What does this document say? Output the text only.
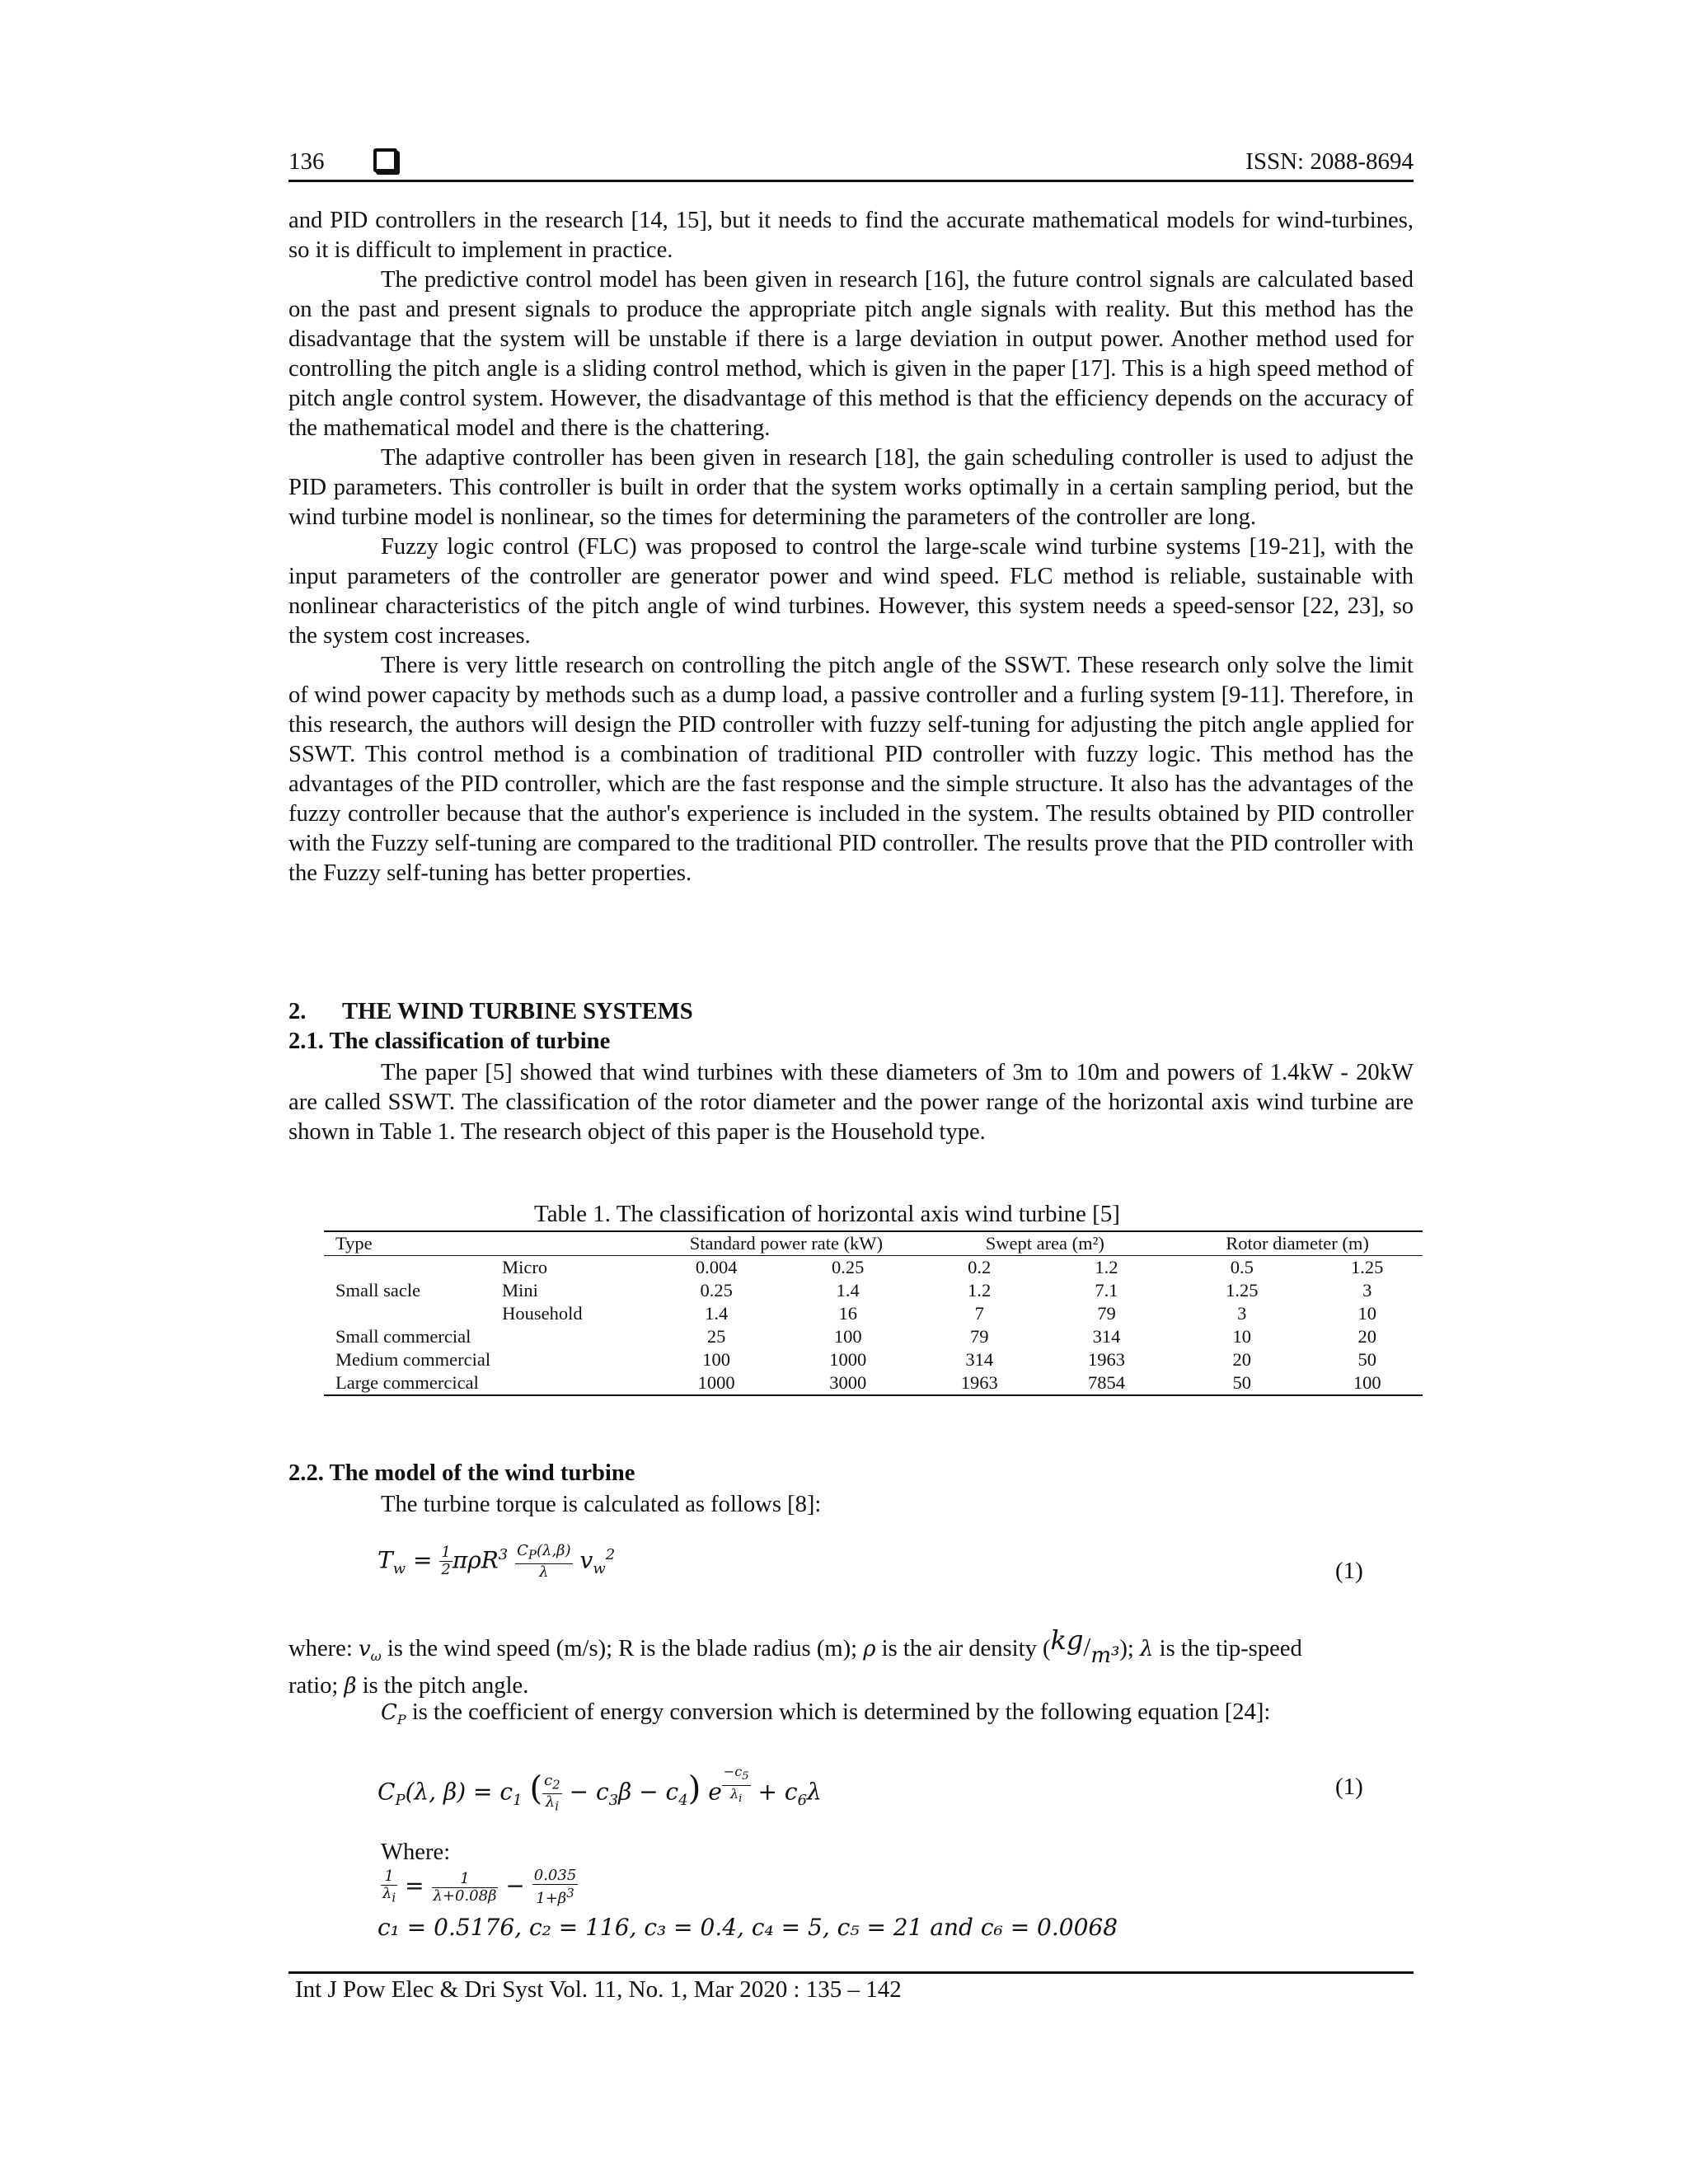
136	ISSN: 2088-8694

and PID controllers in the research [14, 15], but it needs to find the accurate mathematical models for wind-turbines, so it is difficult to implement in practice.

The predictive control model has been given in research [16], the future control signals are calculated based on the past and present signals to produce the appropriate pitch angle signals with reality. But this method has the disadvantage that the system will be unstable if there is a large deviation in output power. Another method used for controlling the pitch angle is a sliding control method, which is given in the paper [17]. This is a high speed method of pitch angle control system. However, the disadvantage of this method is that the efficiency depends on the accuracy of the mathematical model and there is the chattering.

The adaptive controller has been given in research [18], the gain scheduling controller is used to adjust the PID parameters. This controller is built in order that the system works optimally in a certain sampling period, but the wind turbine model is nonlinear, so the times for determining the parameters of the controller are long.

Fuzzy logic control (FLC) was proposed to control the large-scale wind turbine systems [19-21], with the input parameters of the controller are generator power and wind speed. FLC method is reliable, sustainable with nonlinear characteristics of the pitch angle of wind turbines. However, this system needs a speed-sensor [22, 23], so the system cost increases.

There is very little research on controlling the pitch angle of the SSWT. These research only solve the limit of wind power capacity by methods such as a dump load, a passive controller and a furling system [9-11]. Therefore, in this research, the authors will design the PID controller with fuzzy self-tuning for adjusting the pitch angle applied for SSWT. This control method is a combination of traditional PID controller with fuzzy logic. This method has the advantages of the PID controller, which are the fast response and the simple structure. It also has the advantages of the fuzzy controller because that the author's experience is included in the system. The results obtained by PID controller with the Fuzzy self-tuning are compared to the traditional PID controller. The results prove that the PID controller with the Fuzzy self-tuning has better properties.

2. THE WIND TURBINE SYSTEMS
2.1. The classification of turbine

The paper [5] showed that wind turbines with these diameters of 3m to 10m and powers of 1.4kW - 20kW are called SSWT. The classification of the rotor diameter and the power range of the horizontal axis wind turbine are shown in Table 1. The research object of this paper is the Household type.

Table 1. The classification of horizontal axis wind turbine [5]
Type		Standard power rate (kW)		Swept area (m²)		Rotor diameter (m)	
	Micro	0.004	0.25	0.2	1.2	0.5	1.25
Small sacle	Mini	0.25	1.4	1.2	7.1	1.25	3
	Household	1.4	16	7	79	3	10
Small commercial		25	100	79	314	10	20
Medium commercial		100	1000	314	1963	20	50
Large commercical		1000	3000	1963	7854	50	100
2.2. The model of the wind turbine
The turbine torque is calculated as follows [8]:
$T_w = \frac{1}{2} \pi\rho R^3 \frac{C_P(\lambda,\beta)}{\lambda} v_w^2$
(1)
where: $v_\omega$ is the wind speed (m/s); R is the blade radius (m); ρ is the air density (kg/m³); λ is the tip-speed
ratio; β is the pitch angle.
$C_P$ is the coefficient of energy conversion which is determined by the following equation [24]:
$C_P(\lambda$, $\beta) = c_1$ ( $\frac{c_2}{\lambda_i} - c_3\beta - c_4$) e $^{\frac{-c_5}{\lambda_i}} + c_6\lambda$	(1)
Where:
$\frac{1}{\lambda_i} = \frac{1}{\lambda+0.08\beta} - \frac{0.035}{1+\beta^3}$
c₁ = 0.5176, c₂ = 116, c₃ = 0.4, c₄ = 5, c₅ = 21 and c₆ = 0.0068
Int J Pow Elec & Dri Syst Vol. 11, No. 1, Mar 2020 : 135 – 142
